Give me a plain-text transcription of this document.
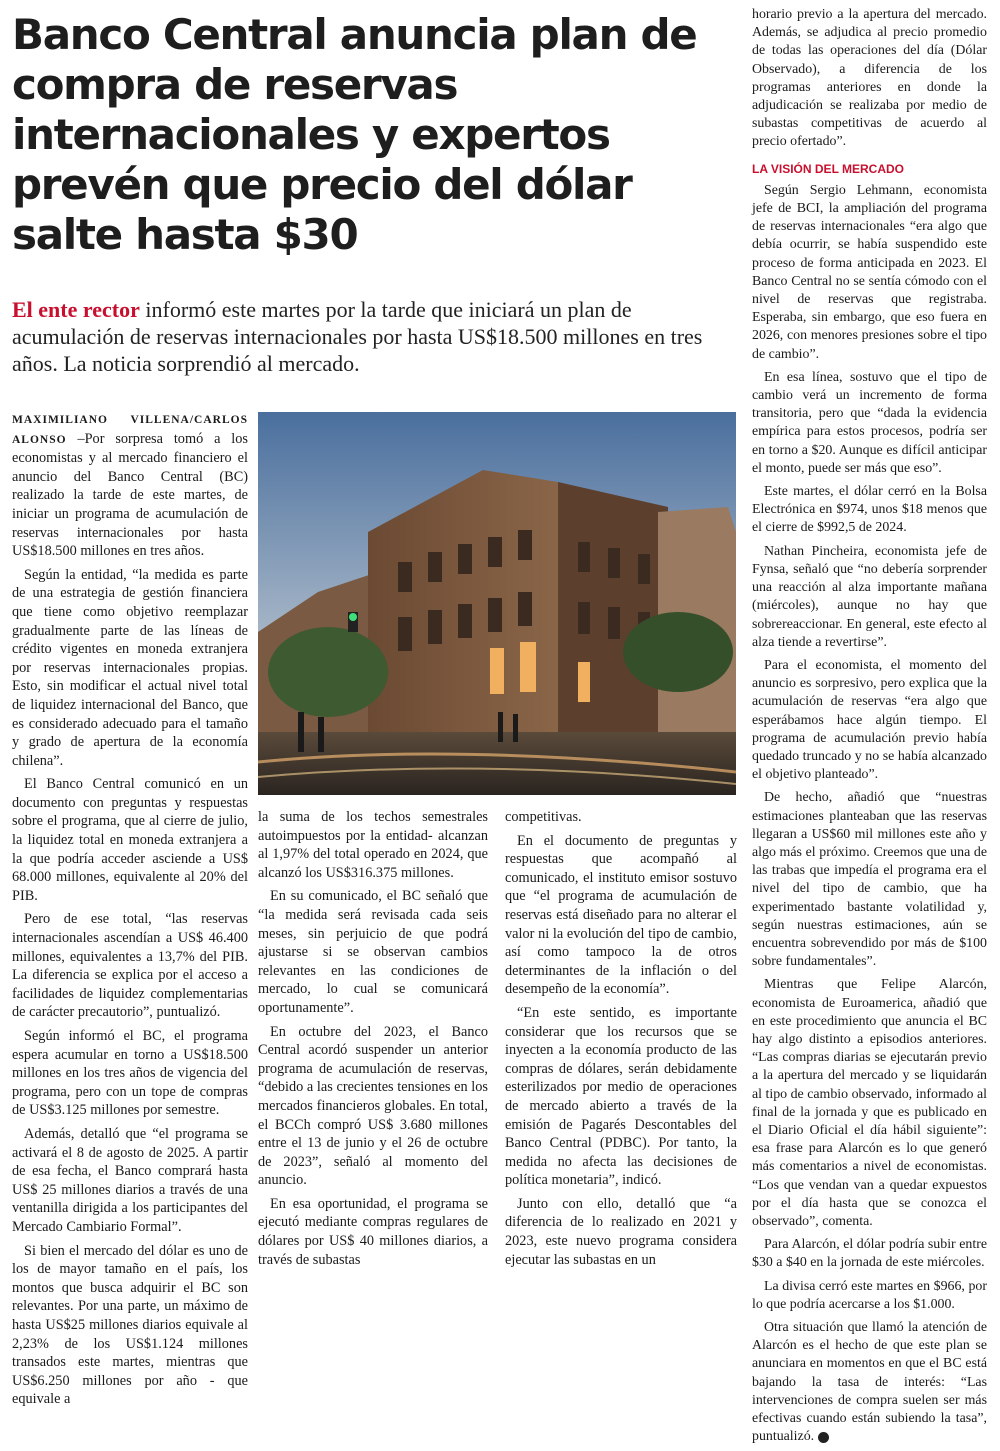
Banco Central anuncia plan de compra de reservas internacionales y expertos prevén que precio del dólar salte hasta $30

El ente rector informó este martes por la tarde que iniciará un plan de acumulación de reservas internacionales por hasta US$18.500 millones en tres años. La noticia sorprendió al mercado.

MAXIMILIANO VILLENA/CARLOS ALONSO –Por sorpresa tomó a los economistas y al mercado financiero el anuncio del Banco Central (BC) realizado la tarde de este martes, de iniciar un programa de acumulación de reservas internacionales por hasta US$18.500 millones en tres años.

Según la entidad, “la medida es parte de una estrategia de gestión financiera que tiene como objetivo reemplazar gradualmente parte de las líneas de crédito vigentes en moneda extranjera por reservas internacionales propias. Esto, sin modificar el actual nivel total de liquidez internacional del Banco, que es considerado adecuado para el tamaño y grado de apertura de la economía chilena”.

El Banco Central comunicó en un documento con preguntas y respuestas sobre el programa, que al cierre de julio, la liquidez total en moneda extranjera a la que podría acceder asciende a US$ 68.000 millones, equivalente al 20% del PIB.

Pero de ese total, “las reservas internacionales ascendían a US$ 46.400 millones, equivalentes a 13,7% del PIB. La diferencia se explica por el acceso a facilidades de liquidez complementarias de carácter precautorio”, puntualizó.

Según informó el BC, el programa espera acumular en torno a US$18.500 millones en los tres años de vigencia del programa, pero con un tope de compras de US$3.125 millones por semestre.

Además, detalló que “el programa se activará el 8 de agosto de 2025. A partir de esa fecha, el Banco comprará hasta US$ 25 millones diarios a través de una ventanilla dirigida a los participantes del Mercado Cambiario Formal”.

Si bien el mercado del dólar es uno de los de mayor tamaño en el país, los montos que busca adquirir el BC son relevantes. Por una parte, un máximo de hasta US$25 millones diarios equivale al 2,23% de los US$1.124 millones transados este martes, mientras que US$6.250 millones por año - que equivale a

la suma de los techos semestrales autoimpuestos por la entidad- alcanzan al 1,97% del total operado en 2024, que alcanzó los US$316.375 millones.

En su comunicado, el BC señaló que “la medida será revisada cada seis meses, sin perjuicio de que podrá ajustarse si se observan cambios relevantes en las condiciones de mercado, lo cual se comunicará oportunamente”.

En octubre del 2023, el Banco Central acordó suspender un anterior programa de acumulación de reservas, “debido a las crecientes tensiones en los mercados financieros globales. En total, el BCCh compró US$ 3.680 millones entre el 13 de junio y el 26 de octubre de 2023”, señaló al momento del anuncio.

En esa oportunidad, el programa se ejecutó mediante compras regulares de dólares por US$ 40 millones diarios, a través de subastas

competitivas.

En el documento de preguntas y respuestas que acompañó al comunicado, el instituto emisor sostuvo que “el programa de acumulación de reservas está diseñado para no alterar el valor ni la evolución del tipo de cambio, así como tampoco la de otros determinantes de la inflación o del desempeño de la economía”.

“En este sentido, es importante considerar que los recursos que se inyecten a la economía producto de las compras de dólares, serán debidamente esterilizados por medio de operaciones de mercado abierto a través de la emisión de Pagarés Descontables del Banco Central (PDBC). Por tanto, la medida no afecta las decisiones de política monetaria”, indicó.

Junto con ello, detalló que “a diferencia de lo realizado en 2021 y 2023, este nuevo programa considera ejecutar las subastas en un

horario previo a la apertura del mercado. Además, se adjudica al precio promedio de todas las operaciones del día (Dólar Observado), a diferencia de los programas anteriores en donde la adjudicación se realizaba por medio de subastas competitivas de acuerdo al precio ofertado”.

LA VISIÓN DEL MERCADO

Según Sergio Lehmann, economista jefe de BCI, la ampliación del programa de reservas internacionales “era algo que debía ocurrir, se había suspendido este proceso de forma anticipada en 2023. El Banco Central no se sentía cómodo con el nivel de reservas que registraba. Esperaba, sin embargo, que eso fuera en 2026, con menores presiones sobre el tipo de cambio”.

En esa línea, sostuvo que el tipo de cambio verá un incremento de forma transitoria, pero que “dada la evidencia empírica para estos procesos, podría ser en torno a $20. Aunque es difícil anticipar el monto, puede ser más que eso”.

Este martes, el dólar cerró en la Bolsa Electrónica en $974, unos $18 menos que el cierre de $992,5 de 2024.

Nathan Pincheira, economista jefe de Fynsa, señaló que “no debería sorprender una reacción al alza importante mañana (miércoles), aunque no hay que sobrereaccionar. En general, este efecto al alza tiende a revertirse”.

Para el economista, el momento del anuncio es sorpresivo, pero explica que la acumulación de reservas “era algo que esperábamos hace algún tiempo. El programa de acumulación previo había quedado truncado y no se había alcanzado el objetivo planteado”.

De hecho, añadió que “nuestras estimaciones planteaban que las reservas llegaran a US$60 mil millones este año y algo más el próximo. Creemos que una de las trabas que impedía el programa era el nivel del tipo de cambio, que ha experimentado bastante volatilidad y, según nuestras estimaciones, aún se encuentra sobrevendido por más de $100 sobre fundamentales”.

Mientras que Felipe Alarcón, economista de Euroamerica, añadió que en este procedimiento que anuncia el BC hay algo distinto a episodios anteriores. “Las compras diarias se ejecutarán previo a la apertura del mercado y se liquidarán al tipo de cambio observado, informado al final de la jornada y que es publicado en el Diario Oficial el día hábil siguiente”: esa frase para Alarcón es lo que generó más comentarios a nivel de economistas. “Los que vendan van a quedar expuestos por el día hasta que se conozca el observado”, comenta.

Para Alarcón, el dólar podría subir entre $30 a $40 en la jornada de este miércoles.

La divisa cerró este martes en $966, por lo que podría acercarse a los $1.000.

Otra situación que llamó la atención de Alarcón es el hecho de que este plan se anunciara en momentos en que el BC está bajando la tasa de interés: “Las intervenciones de compra suelen ser más efectivas cuando están subiendo la tasa”, puntualizó. P
